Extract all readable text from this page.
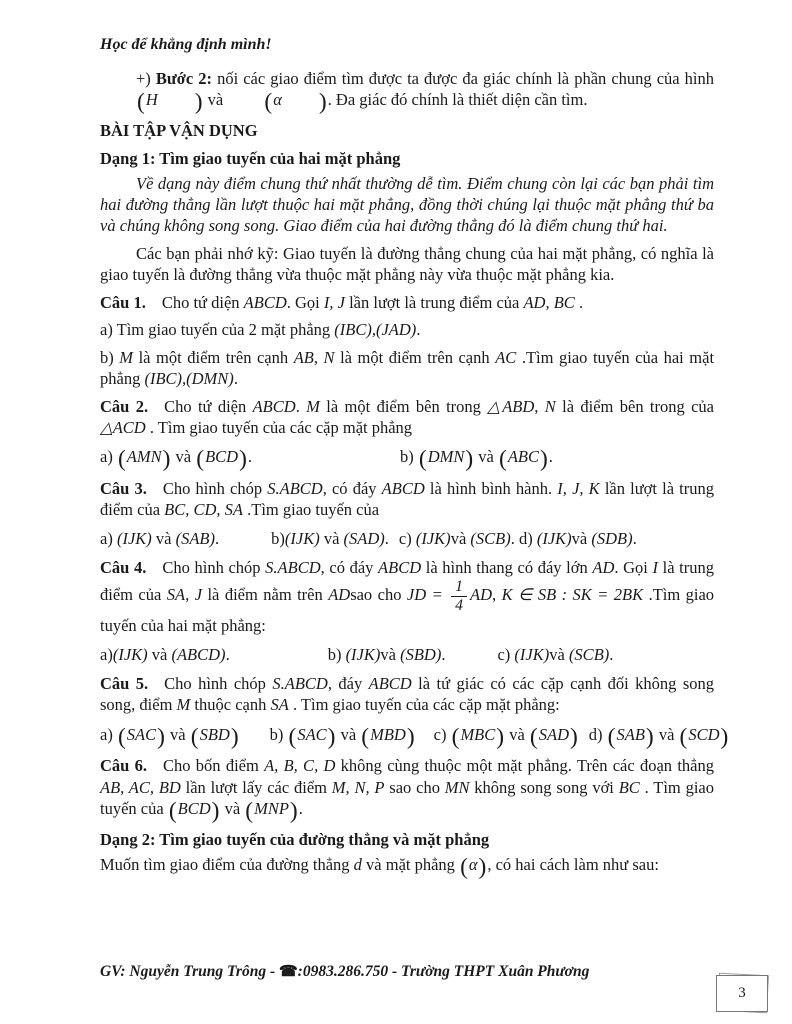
Học để khẳng định mình!
+) Bước 2: nối các giao điểm tìm được ta được đa giác chính là phần chung của hình (H ) và (α ). Đa giác đó chính là thiết diện cần tìm.
BÀI TẬP VẬN DỤNG
Dạng 1: Tìm giao tuyến của hai mặt phẳng
Về dạng này điểm chung thứ nhất thường dễ tìm. Điểm chung còn lại các bạn phải tìm hai đường thẳng lần lượt thuộc hai mặt phẳng, đồng thời chúng lại thuộc mặt phẳng thứ ba và chúng không song song. Giao điểm của hai đường thẳng đó là điểm chung thứ hai.
Các bạn phải nhớ kỹ: Giao tuyến là đường thẳng chung của hai mặt phẳng, có nghĩa là giao tuyến là đường thẳng vừa thuộc mặt phẳng này vừa thuộc mặt phẳng kia.
Câu 1. Cho tứ diện ABCD. Gọi I, J lần lượt là trung điểm của AD, BC .
a) Tìm giao tuyến của 2 mặt phẳng (IBC),(JAD).
b) M là một điểm trên cạnh AB, N là một điểm trên cạnh AC .Tìm giao tuyến của hai mặt phẳng (IBC),(DMN).
Câu 2. Cho tứ diện ABCD. M là một điểm bên trong △ABD, N là điểm bên trong của △ACD . Tìm giao tuyến của các cặp mặt phẳng
a) (AMN) và (BCD).	b) (DMN) và (ABC).
Câu 3. Cho hình chóp S.ABCD, có đáy ABCD là hình bình hành. I, J, K lần lượt là trung điểm của BC, CD, SA .Tìm giao tuyến của
a) (IJK) và (SAB).	b)(IJK) và (SAD). c) (IJK)và (SCB). d) (IJK)và (SDB).
Câu 4. Cho hình chóp S.ABCD, có đáy ABCD là hình thang có đáy lớn AD. Gọi I là trung điểm của SA, J là điểm nằm trên ADsao cho JD = $\frac{1}{4}$ AD, K ∈ SB : SK = 2BK .Tìm giao tuyến của hai mặt phẳng:
a)(IJK) và (ABCD).	b) (IJK)và (SBD).	c) (IJK)và (SCB).
Câu 5. Cho hình chóp S.ABCD, đáy ABCD là tứ giác có các cặp cạnh đối không song song, điểm M thuộc cạnh SA . Tìm giao tuyến của các cặp mặt phẳng:
a) (SAC) và (SBD) b) (SAC) và (MBD) c) (MBC) và (SAD) d) (SAB) và (SCD)
Câu 6. Cho bốn điểm A, B, C, D không cùng thuộc một mặt phẳng. Trên các đoạn thẳng AB, AC, BD lần lượt lấy các điểm M, N, P sao cho MN không song song với BC . Tìm giao tuyến của (BCD) và (MNP).
Dạng 2: Tìm giao tuyến của đường thẳng và mặt phẳng
Muốn tìm giao điểm của đường thẳng d và mặt phẳng (α), có hai cách làm như sau:
GV: Nguyễn Trung Trông - ☎:0983.286.750 - Trường THPT Xuân Phương
3
